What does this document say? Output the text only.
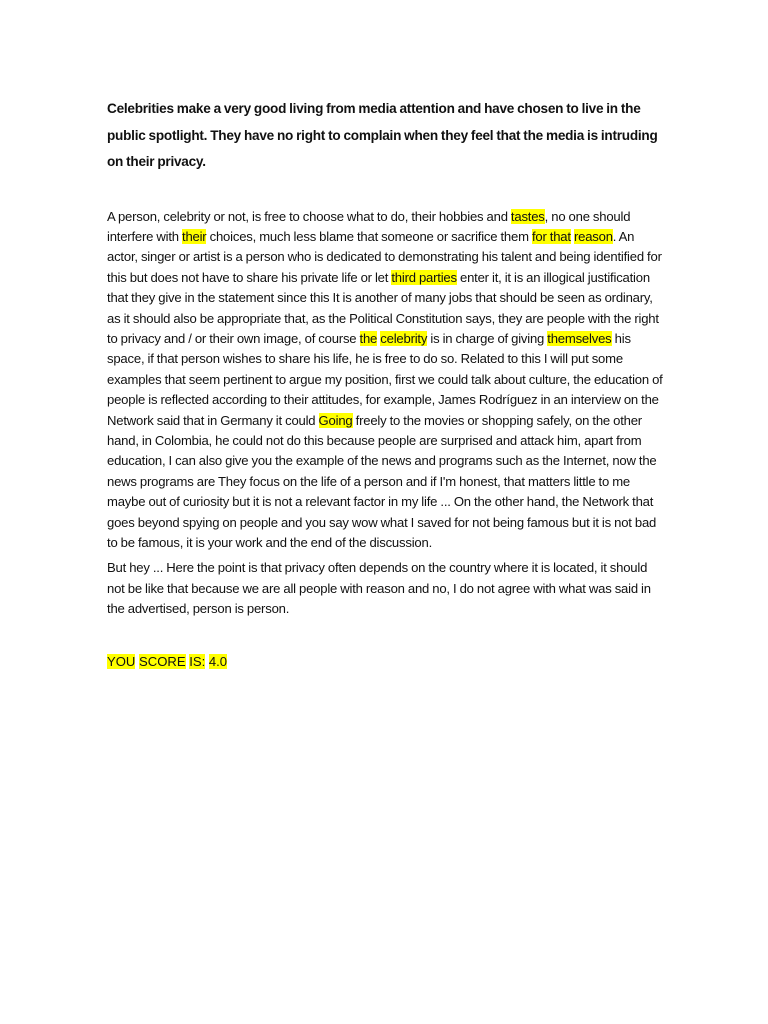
Celebrities make a very good living from media attention and have chosen to live in the public spotlight. They have no right to complain when they feel that the media is intruding on their privacy.

A person, celebrity or not, is free to choose what to do, their hobbies and tastes, no one should interfere with their choices, much less blame that someone or sacrifice them for that reason. An actor, singer or artist is a person who is dedicated to demonstrating his talent and being identified for this but does not have to share his private life or let third parties enter it, it is an illogical justification that they give in the statement since this It is another of many jobs that should be seen as ordinary, as it should also be appropriate that, as the Political Constitution says, they are people with the right to privacy and / or their own image, of course the celebrity is in charge of giving themselves his space, if that person wishes to share his life, he is free to do so. Related to this I will put some examples that seem pertinent to argue my position, first we could talk about culture, the education of people is reflected according to their attitudes, for example, James Rodríguez in an interview on the Network said that in Germany it could Going freely to the movies or shopping safely, on the other hand, in Colombia, he could not do this because people are surprised and attack him, apart from education, I can also give you the example of the news and programs such as the Internet, now the news programs are They focus on the life of a person and if I'm honest, that matters little to me maybe out of curiosity but it is not a relevant factor in my life ... On the other hand, the Network that goes beyond spying on people and you say wow what I saved for not being famous but it is not bad to be famous, it is your work and the end of the discussion.

But hey ... Here the point is that privacy often depends on the country where it is located, it should not be like that because we are all people with reason and no, I do not agree with what was said in the advertised, person is person.

YOU SCORE IS: 4.0
